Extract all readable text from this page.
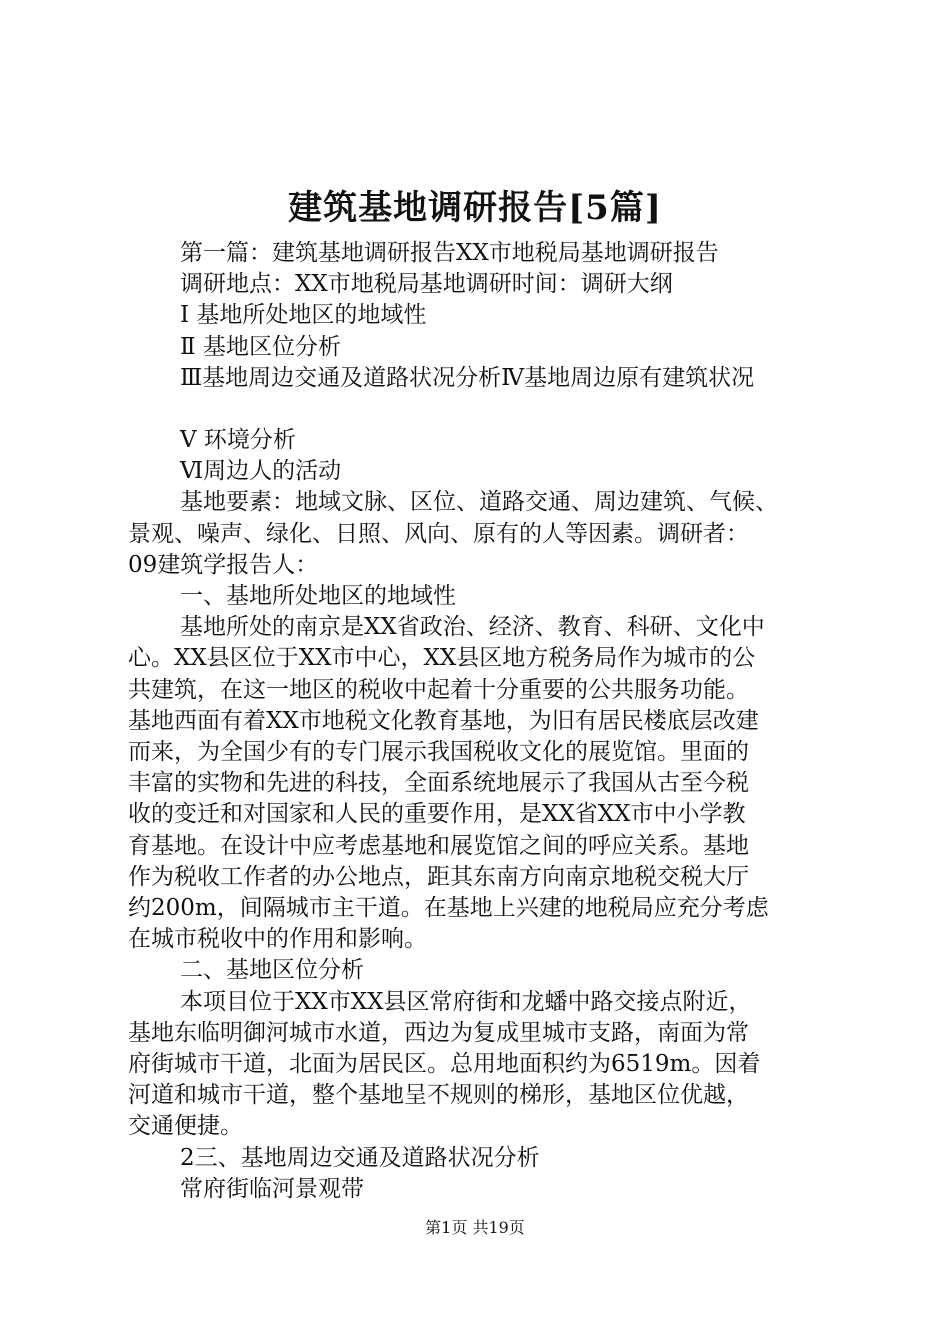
建筑基地调研报告[5篇]

第一篇：建筑基地调研报告XX市地税局基地调研报告

调研地点：XX市地税局基地调研时间：调研大纲

Ⅰ 基地所处地区的地域性

Ⅱ 基地区位分析

Ⅲ基地周边交通及道路状况分析Ⅳ基地周边原有建筑状况

Ⅴ 环境分析

Ⅵ周边人的活动

基地要素：地域文脉、区位、道路交通、周边建筑、气候、

景观、噪声、绿化、日照、风向、原有的人等因素。调研者：

09建筑学报告人：

一、基地所处地区的地域性

基地所处的南京是XX省政治、经济、教育、科研、文化中

心。XX县区位于XX市中心，XX县区地方税务局作为城市的公

共建筑，在这一地区的税收中起着十分重要的公共服务功能。

基地西面有着XX市地税文化教育基地，为旧有居民楼底层改建

而来，为全国少有的专门展示我国税收文化的展览馆。里面的

丰富的实物和先进的科技，全面系统地展示了我国从古至今税

收的变迁和对国家和人民的重要作用，是XX省XX市中小学教

育基地。在设计中应考虑基地和展览馆之间的呼应关系。基地

作为税收工作者的办公地点，距其东南方向南京地税交税大厅

约200m，间隔城市主干道。在基地上兴建的地税局应充分考虑

在城市税收中的作用和影响。

二、基地区位分析

本项目位于XX市XX县区常府街和龙蟠中路交接点附近，

基地东临明御河城市水道，西边为复成里城市支路，南面为常

府街城市干道，北面为居民区。总用地面积约为6519m。因着

河道和城市干道，整个基地呈不规则的梯形，基地区位优越，

交通便捷。

2三、基地周边交通及道路状况分析

常府街临河景观带

第1页 共19页
